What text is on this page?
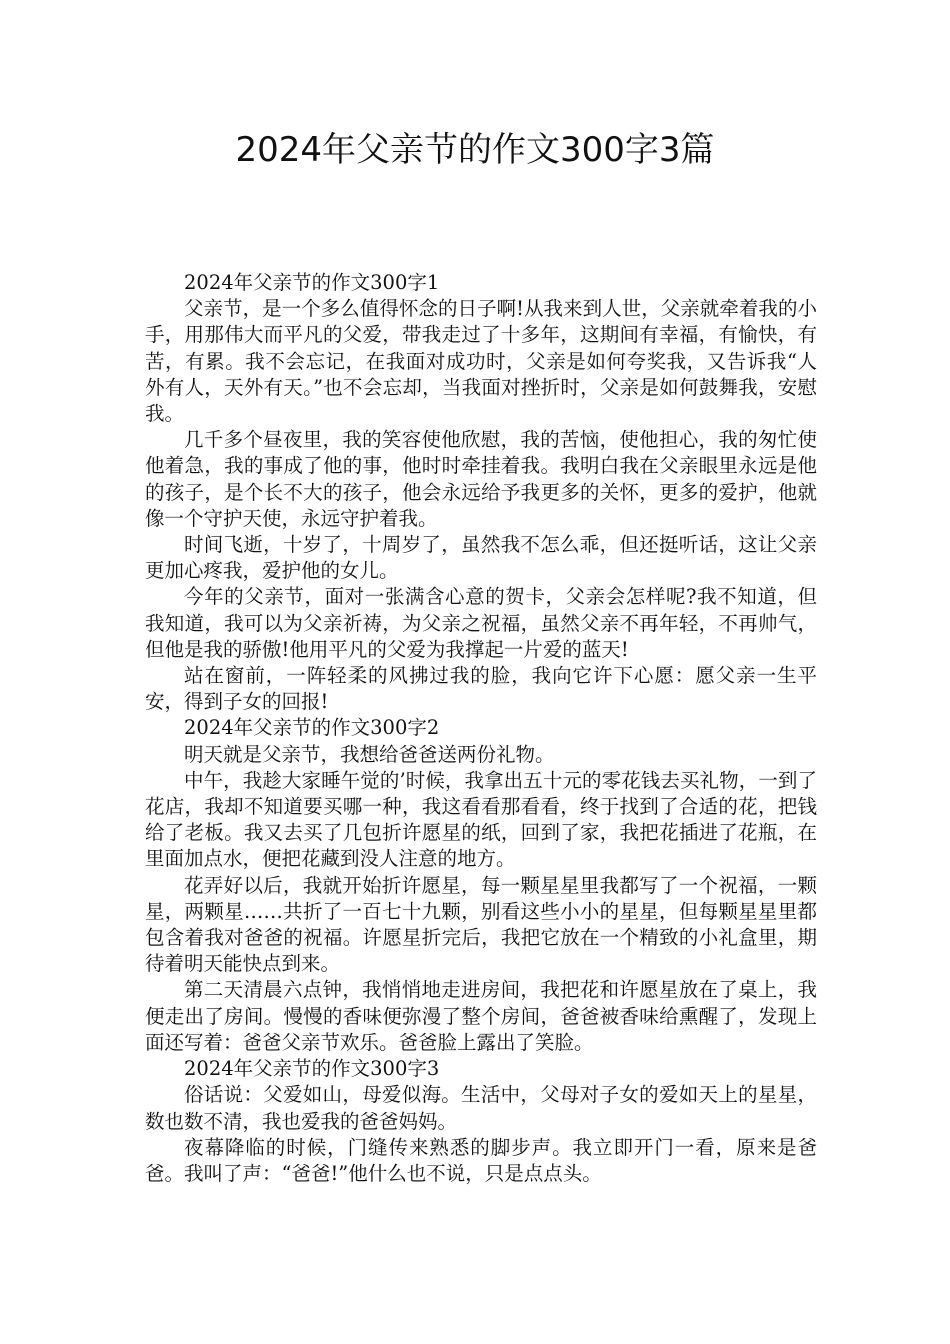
2024年父亲节的作文300字3篇

2024年父亲节的作文300字1

父亲节，是一个多么值得怀念的日子啊!从我来到人世，父亲就牵着我的小手，用那伟大而平凡的父爱，带我走过了十多年，这期间有幸福，有愉快，有苦，有累。我不会忘记，在我面对成功时，父亲是如何夸奖我，又告诉我“人外有人，天外有天。”也不会忘却，当我面对挫折时，父亲是如何鼓舞我，安慰我。

几千多个昼夜里，我的笑容使他欣慰，我的苦恼，使他担心，我的匆忙使他着急，我的事成了他的事，他时时牵挂着我。我明白我在父亲眼里永远是他的孩子，是个长不大的孩子，他会永远给予我更多的关怀，更多的爱护，他就像一个守护天使，永远守护着我。

时间飞逝，十岁了，十周岁了，虽然我不怎么乖，但还挺听话，这让父亲更加心疼我，爱护他的女儿。

今年的父亲节，面对一张满含心意的贺卡，父亲会怎样呢?我不知道，但我知道，我可以为父亲祈祷，为父亲之祝福，虽然父亲不再年轻，不再帅气，但他是我的骄傲!他用平凡的父爱为我撑起一片爱的蓝天!

站在窗前，一阵轻柔的风拂过我的脸，我向它许下心愿：愿父亲一生平安，得到子女的回报!

2024年父亲节的作文300字2

明天就是父亲节，我想给爸爸送两份礼物。

中午，我趁大家睡午觉的’时候，我拿出五十元的零花钱去买礼物，一到了花店，我却不知道要买哪一种，我这看看那看看，终于找到了合适的花，把钱给了老板。我又去买了几包折许愿星的纸，回到了家，我把花插进了花瓶，在里面加点水，便把花藏到没人注意的地方。

花弄好以后，我就开始折许愿星，每一颗星星里我都写了一个祝福，一颗星，两颗星……共折了一百七十九颗，别看这些小小的星星，但每颗星星里都包含着我对爸爸的祝福。许愿星折完后，我把它放在一个精致的小礼盒里，期待着明天能快点到来。

第二天清晨六点钟，我悄悄地走进房间，我把花和许愿星放在了桌上，我便走出了房间。慢慢的香味便弥漫了整个房间，爸爸被香味给熏醒了，发现上面还写着：爸爸父亲节欢乐。爸爸脸上露出了笑脸。

2024年父亲节的作文300字3

俗话说：父爱如山，母爱似海。生活中，父母对子女的爱如天上的星星，数也数不清，我也爱我的爸爸妈妈。

夜幕降临的时候，门缝传来熟悉的脚步声。我立即开门一看，原来是爸爸。我叫了声：“爸爸!”他什么也不说，只是点点头。
